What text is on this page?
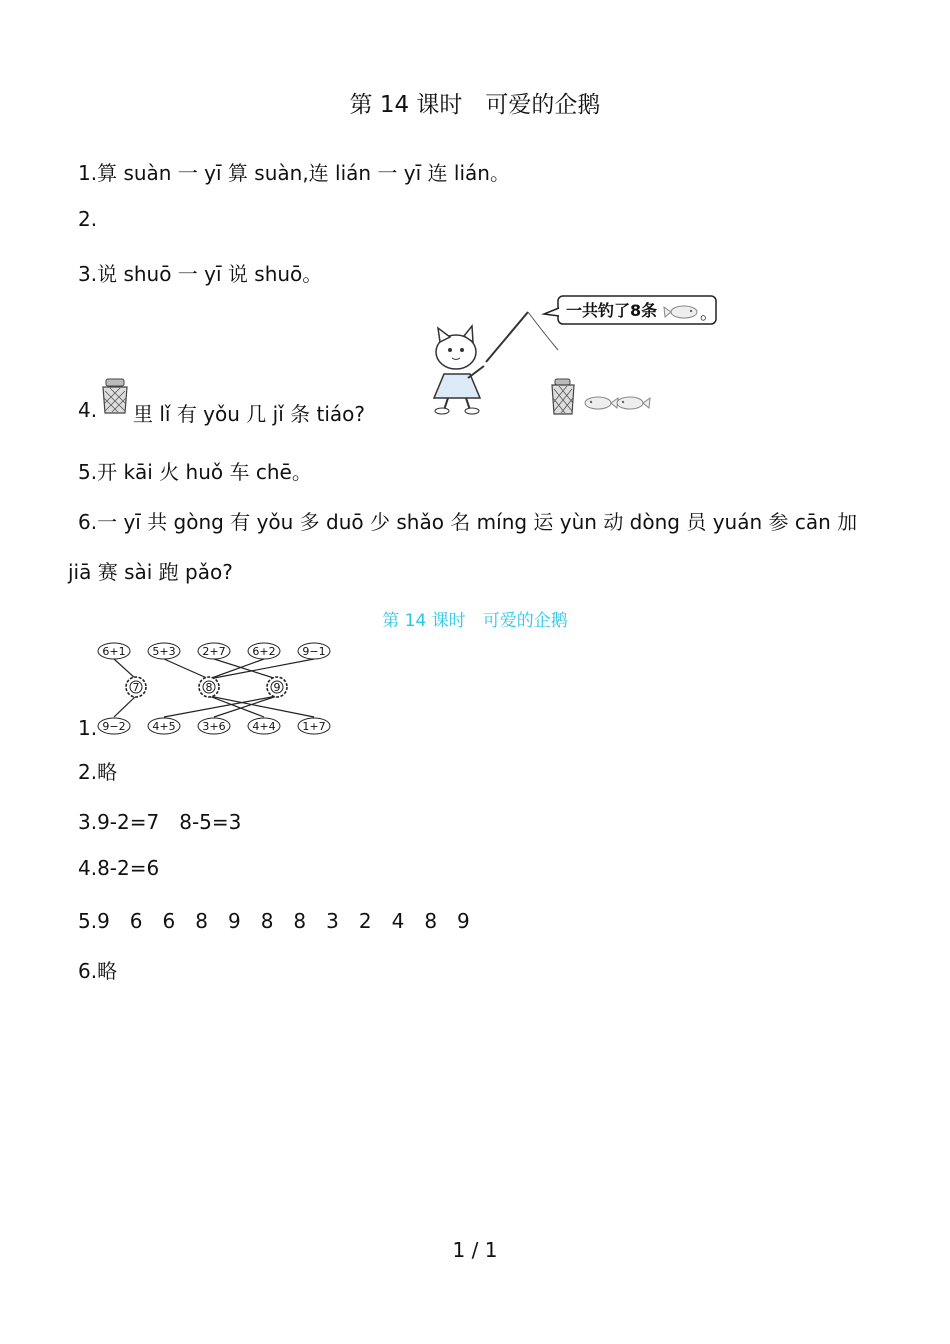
第 14 课时　可爱的企鹅
1.算 suàn 一 yī 算 suàn,连 lián 一 yī 连 lián。
2.
3.说 shuō 一 yī 说 shuō。
4. 里 lǐ 有 yǒu 几 jǐ 条 tiáo?
一共钓了8条 。
5.开 kāi 火 huǒ 车 chē。
6.一 yī 共 gòng 有 yǒu 多 duō 少 shǎo 名 míng 运 yùn 动 dòng 员 yuán 参 cān 加
jiā 赛 sài 跑 pǎo?
第 14 课时　可爱的企鹅
1.
6+1 5+3 2+7 6+2 9−1
7	8	9
9−2 4+5 3+6 4+4 1+7
2.略
3.9-2=7　8-5=3
4.8-2=6
5.9　6　6　8　9　8　8　3　2　4　8　9
6.略
1 / 1
